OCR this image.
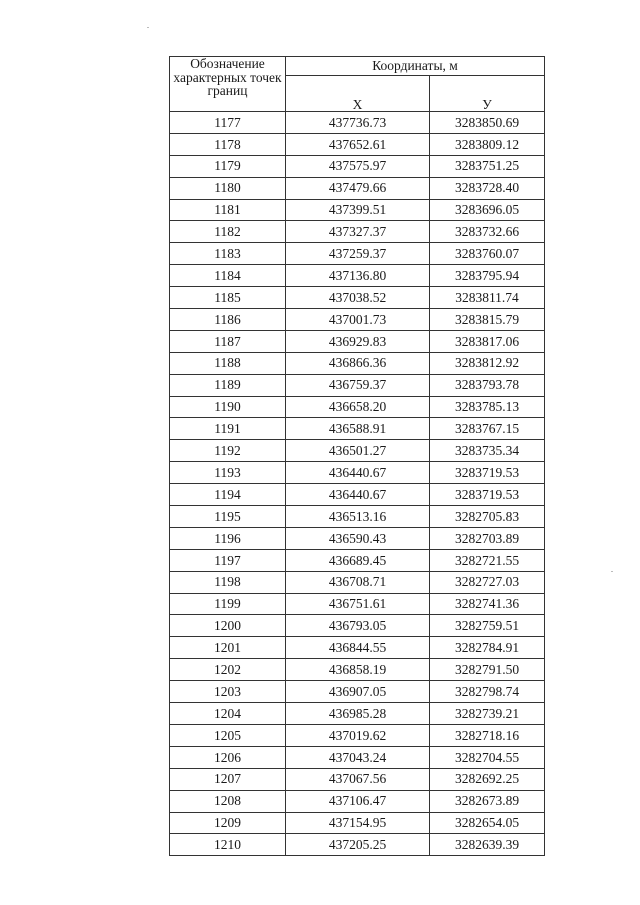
Обозначение характерных точек границ	Координаты, м	
	X	У
1177	437736.73	3283850.69
1178	437652.61	3283809.12
1179	437575.97	3283751.25
1180	437479.66	3283728.40
1181	437399.51	3283696.05
1182	437327.37	3283732.66
1183	437259.37	3283760.07
1184	437136.80	3283795.94
1185	437038.52	3283811.74
1186	437001.73	3283815.79
1187	436929.83	3283817.06
1188	436866.36	3283812.92
1189	436759.37	3283793.78
1190	436658.20	3283785.13
1191	436588.91	3283767.15
1192	436501.27	3283735.34
1193	436440.67	3283719.53
1194	436440.67	3283719.53
1195	436513.16	3282705.83
1196	436590.43	3282703.89
1197	436689.45	3282721.55
1198	436708.71	3282727.03
1199	436751.61	3282741.36
1200	436793.05	3282759.51
1201	436844.55	3282784.91
1202	436858.19	3282791.50
1203	436907.05	3282798.74
1204	436985.28	3282739.21
1205	437019.62	3282718.16
1206	437043.24	3282704.55
1207	437067.56	3282692.25
1208	437106.47	3282673.89
1209	437154.95	3282654.05
1210	437205.25	3282639.39
